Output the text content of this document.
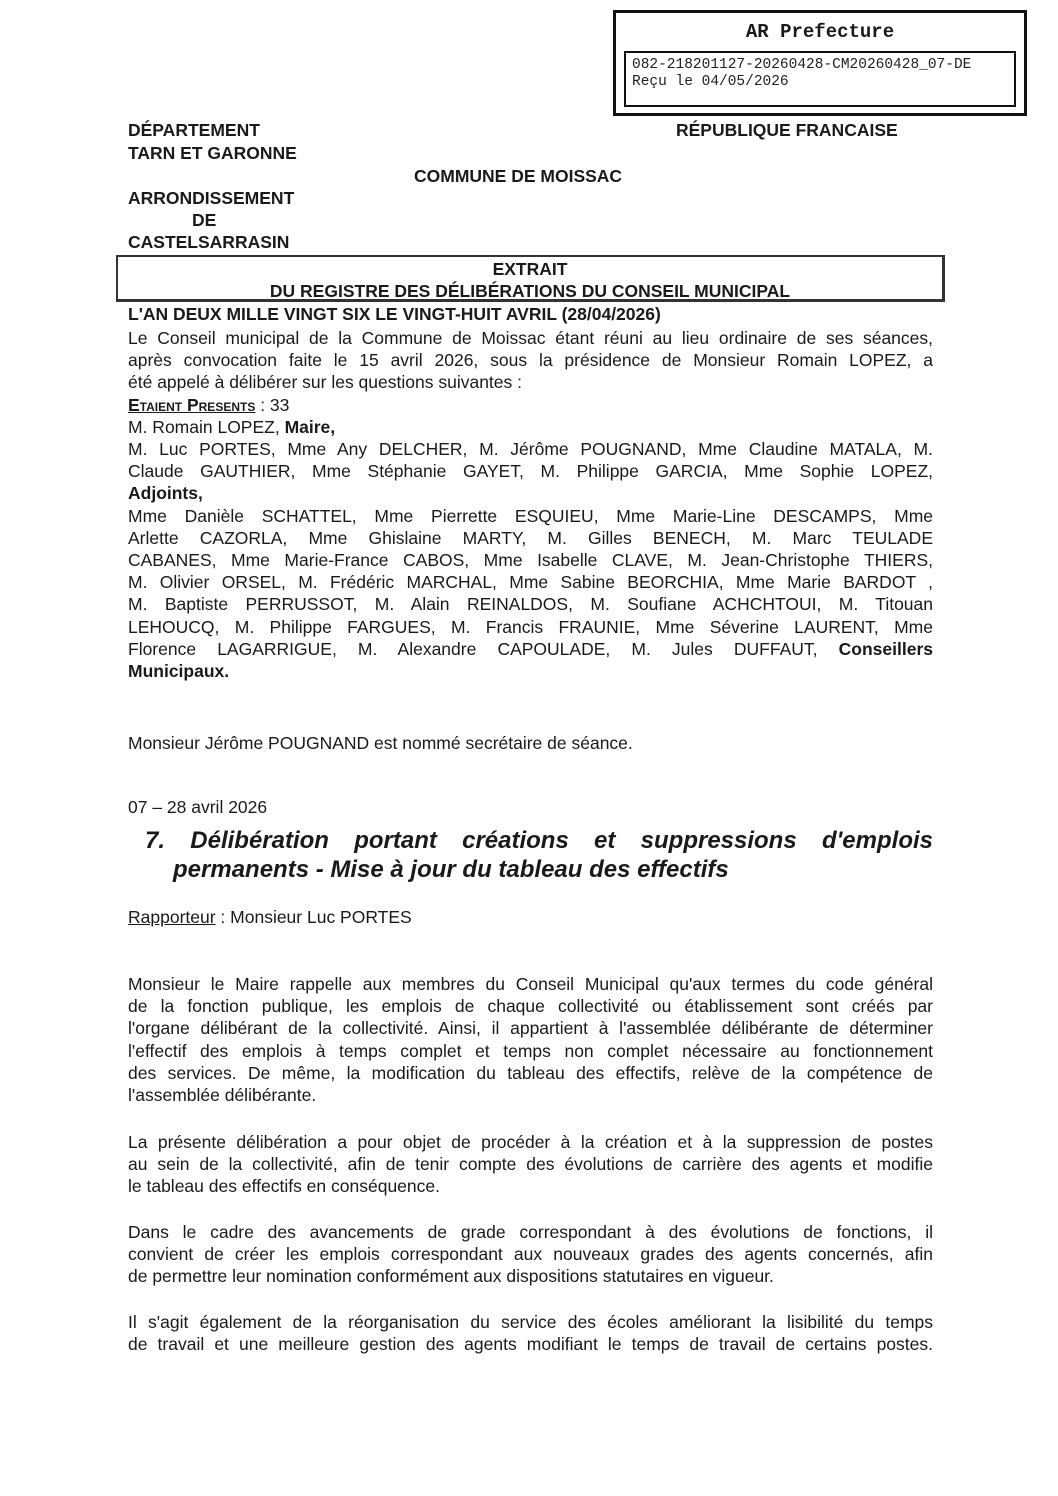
AR Prefecture
082-218201127-20260428-CM20260428_07-DE
Reçu le 04/05/2026
DÉPARTEMENT
TARN ET GARONNE
RÉPUBLIQUE FRANCAISE
COMMUNE DE MOISSAC
ARRONDISSEMENT
DE
CASTELSARRASIN
EXTRAIT
DU REGISTRE DES DÉLIBÉRATIONS DU CONSEIL MUNICIPAL
L'AN DEUX MILLE VINGT SIX LE VINGT-HUIT AVRIL (28/04/2026)
Le Conseil municipal de la Commune de Moissac étant réuni au lieu ordinaire de ses séances,
après convocation faite le 15 avril 2026, sous la présidence de Monsieur Romain LOPEZ, a
été appelé à délibérer sur les questions suivantes :
Etaient Presents : 33
M. Romain LOPEZ, Maire,
M. Luc PORTES, Mme Any DELCHER, M. Jérôme POUGNAND, Mme Claudine MATALA, M.
Claude GAUTHIER, Mme Stéphanie GAYET, M. Philippe GARCIA, Mme Sophie LOPEZ,
Adjoints,
Mme Danièle SCHATTEL, Mme Pierrette ESQUIEU, Mme Marie-Line DESCAMPS, Mme
Arlette CAZORLA, Mme Ghislaine MARTY, M. Gilles BENECH, M. Marc TEULADE
CABANES, Mme Marie-France CABOS, Mme Isabelle CLAVE, M. Jean-Christophe THIERS,
M. Olivier ORSEL, M. Frédéric MARCHAL, Mme Sabine BEORCHIA, Mme Marie BARDOT ,
M. Baptiste PERRUSSOT, M. Alain REINALDOS, M. Soufiane ACHCHTOUI, M. Titouan
LEHOUCQ, M. Philippe FARGUES, M. Francis FRAUNIE, Mme Séverine LAURENT, Mme
Florence LAGARRIGUE, M. Alexandre CAPOULADE, M. Jules DUFFAUT, Conseillers
Municipaux.
Monsieur Jérôme POUGNAND est nommé secrétaire de séance.
07 – 28 avril 2026
7. Délibération portant créations et suppressions d'emplois
permanents - Mise à jour du tableau des effectifs
Rapporteur : Monsieur Luc PORTES
Monsieur le Maire rappelle aux membres du Conseil Municipal qu'aux termes du code général
de la fonction publique, les emplois de chaque collectivité ou établissement sont créés par
l'organe délibérant de la collectivité. Ainsi, il appartient à l'assemblée délibérante de déterminer
l'effectif des emplois à temps complet et temps non complet nécessaire au fonctionnement
des services. De même, la modification du tableau des effectifs, relève de la compétence de
l'assemblée délibérante.
La présente délibération a pour objet de procéder à la création et à la suppression de postes
au sein de la collectivité, afin de tenir compte des évolutions de carrière des agents et modifie
le tableau des effectifs en conséquence.
Dans le cadre des avancements de grade correspondant à des évolutions de fonctions, il
convient de créer les emplois correspondant aux nouveaux grades des agents concernés, afin
de permettre leur nomination conformément aux dispositions statutaires en vigueur.
Il s'agit également de la réorganisation du service des écoles améliorant la lisibilité du temps
de travail et une meilleure gestion des agents modifiant le temps de travail de certains postes.
